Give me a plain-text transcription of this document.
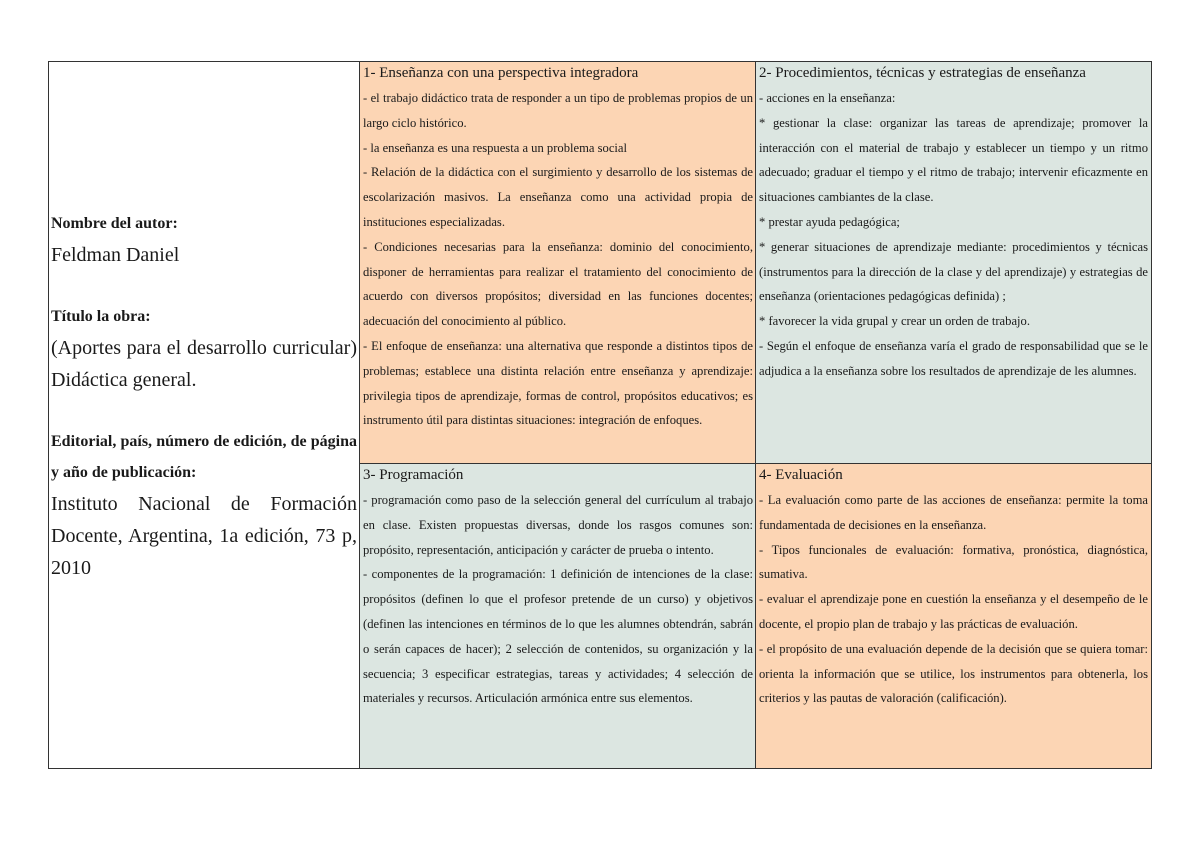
Nombre del autor:
Feldman Daniel
Título la obra:
(Aportes para el desarrollo curricular) Didáctica general.
Editorial, país, número de edición, de página y año de publicación:
Instituto Nacional de Formación Docente, Argentina, 1a edición, 73 p, 2010
1- Enseñanza con una perspectiva integradora
- el trabajo didáctico trata de responder a un tipo de problemas propios de un largo ciclo histórico.
- la enseñanza es una respuesta a un problema social
- Relación de la didáctica con el surgimiento y desarrollo de los sistemas de escolarización masivos. La enseñanza como una actividad propia de instituciones especializadas.
- Condiciones necesarias para la enseñanza: dominio del conocimiento, disponer de herramientas para realizar el tratamiento del conocimiento de acuerdo con diversos propósitos; diversidad en las funciones docentes; adecuación del conocimiento al público.
- El enfoque de enseñanza: una alternativa que responde a distintos tipos de problemas; establece una distinta relación entre enseñanza y aprendizaje: privilegia tipos de aprendizaje, formas de control, propósitos educativos; es instrumento útil para distintas situaciones: integración de enfoques.
2- Procedimientos, técnicas y estrategias de enseñanza
- acciones en la enseñanza:
* gestionar la clase: organizar las tareas de aprendizaje; promover la interacción con el material de trabajo y establecer un tiempo y un ritmo adecuado; graduar el tiempo y el ritmo de trabajo; intervenir eficazmente en situaciones cambiantes de la clase.
* prestar ayuda pedagógica;
* generar situaciones de aprendizaje mediante: procedimientos y técnicas (instrumentos para la dirección de la clase y del aprendizaje) y estrategias de enseñanza (orientaciones pedagógicas definida) ;
* favorecer la vida grupal y crear un orden de trabajo.
- Según el enfoque de enseñanza varía el grado de responsabilidad que se le adjudica a la enseñanza sobre los resultados de aprendizaje de les alumnes.
3- Programación
- programación como paso de la selección general del currículum al trabajo en clase. Existen propuestas diversas, donde los rasgos comunes son: propósito, representación, anticipación y carácter de prueba o intento.
- componentes de la programación: 1 definición de intenciones de la clase: propósitos (definen lo que el profesor pretende de un curso) y objetivos (definen las intenciones en términos de lo que les alumnes obtendrán, sabrán o serán capaces de hacer); 2 selección de contenidos, su organización y la secuencia; 3 especificar estrategias, tareas y actividades; 4 selección de materiales y recursos. Articulación armónica entre sus elementos.
4- Evaluación
- La evaluación como parte de las acciones de enseñanza: permite la toma fundamentada de decisiones en la enseñanza.
- Tipos funcionales de evaluación: formativa, pronóstica, diagnóstica, sumativa.
- evaluar el aprendizaje pone en cuestión la enseñanza y el desempeño de le docente, el propio plan de trabajo y las prácticas de evaluación.
- el propósito de una evaluación depende de la decisión que se quiera tomar: orienta la información que se utilice, los instrumentos para obtenerla, los criterios y las pautas de valoración (calificación).
